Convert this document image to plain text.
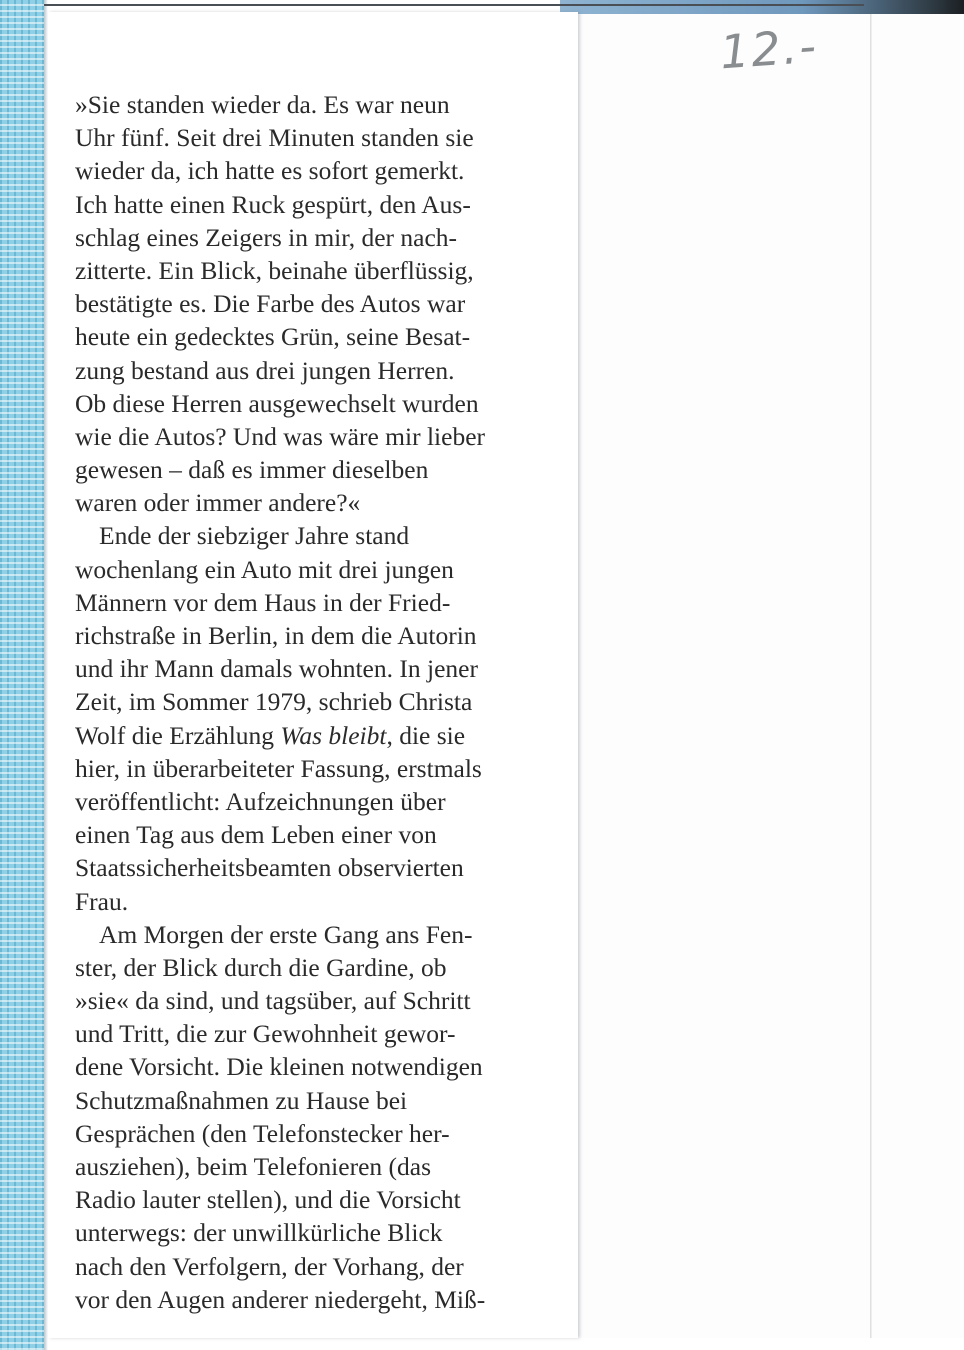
12.-
»Sie standen wieder da. Es war neun
Uhr fünf. Seit drei Minuten standen sie
wieder da, ich hatte es sofort gemerkt.
Ich hatte einen Ruck gespürt, den Aus-
schlag eines Zeigers in mir, der nach-
zitterte. Ein Blick, beinahe überflüssig,
bestätigte es. Die Farbe des Autos war
heute ein gedecktes Grün, seine Besat-
zung bestand aus drei jungen Herren.
Ob diese Herren ausgewechselt wurden
wie die Autos? Und was wäre mir lieber
gewesen – daß es immer dieselben
waren oder immer andere?«
Ende der siebziger Jahre stand
wochenlang ein Auto mit drei jungen
Männern vor dem Haus in der Fried-
richstraße in Berlin, in dem die Autorin
und ihr Mann damals wohnten. In jener
Zeit, im Sommer 1979, schrieb Christa
Wolf die Erzählung Was bleibt, die sie
hier, in überarbeiteter Fassung, erstmals
veröffentlicht: Aufzeichnungen über
einen Tag aus dem Leben einer von
Staatssicherheitsbeamten observierten
Frau.
Am Morgen der erste Gang ans Fen-
ster, der Blick durch die Gardine, ob
»sie« da sind, und tagsüber, auf Schritt
und Tritt, die zur Gewohnheit gewor-
dene Vorsicht. Die kleinen notwendigen
Schutzmaßnahmen zu Hause bei
Gesprächen (den Telefonstecker her-
ausziehen), beim Telefonieren (das
Radio lauter stellen), und die Vorsicht
unterwegs: der unwillkürliche Blick
nach den Verfolgern, der Vorhang, der
vor den Augen anderer niedergeht, Miß-
